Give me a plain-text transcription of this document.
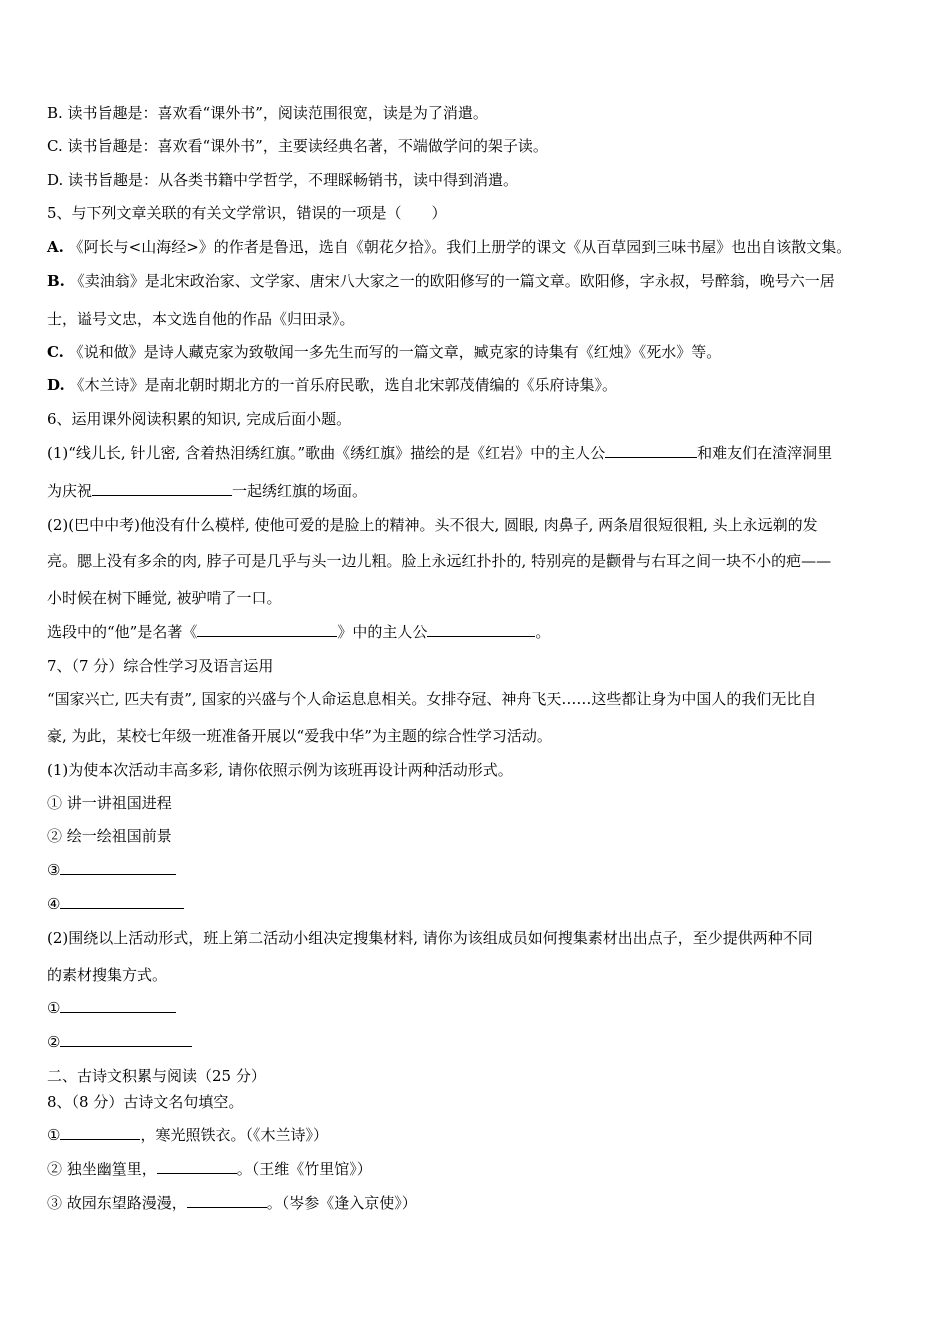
B. 读书旨趣是：喜欢看“课外书”，阅读范围很宽，读是为了消遣。
C. 读书旨趣是：喜欢看“课外书”，主要读经典名著，不端做学问的架子读。
D. 读书旨趣是：从各类书籍中学哲学，不理睬畅销书，读中得到消遣。
5、与下列文章关联的有关文学常识，错误的一项是（　　）
A. 《阿长与<山海经>》的作者是鲁迅，选自《朝花夕拾》。我们上册学的课文《从百草园到三味书屋》也出自该散文集。
B. 《卖油翁》是北宋政治家、文学家、唐宋八大家之一的欧阳修写的一篇文章。欧阳修，字永叔，号醉翁，晚号六一居
士，谥号文忠，本文选自他的作品《归田录》。
C. 《说和做》是诗人藏克家为致敬闻一多先生而写的一篇文章，臧克家的诗集有《红烛》《死水》等。
D. 《木兰诗》是南北朝时期北方的一首乐府民歌，选自北宋郭茂倩编的《乐府诗集》。
6、运用课外阅读积累的知识, 完成后面小题。
(1)“线儿长, 针儿密, 含着热泪绣红旗。”歌曲《绣红旗》描绘的是《红岩》中的主人公	和难友们在渣滓洞里
为庆祝	一起绣红旗的场面。
(2)(巴中中考)他没有什么模样, 使他可爱的是脸上的精神。头不很大, 圆眼, 肉鼻子, 两条眉很短很粗, 头上永远剃的发
亮。腮上没有多余的肉, 脖子可是几乎与头一边儿粗。脸上永远红扑扑的, 特别亮的是颧骨与右耳之间一块不小的疤——
小时候在树下睡觉, 被驴啃了一口。
选段中的“他”是名著《	》中的主人公	。
7、（7 分）综合性学习及语言运用
“国家兴亡, 匹夫有责”, 国家的兴盛与个人命运息息相关。女排夺冠、神舟飞天……这些都让身为中国人的我们无比自
豪, 为此，某校七年级一班准备开展以“爱我中华”为主题的综合性学习活动。
(1)为使本次活动丰高多彩, 请你依照示例为该班再设计两种活动形式。
① 讲一讲祖国进程
② 绘一绘祖国前景
③
④
(2)围绕以上活动形式，班上第二活动小组决定搜集材料, 请你为该组成员如何搜集素材出出点子，至少提供两种不同
的素材搜集方式。
①
②
二、古诗文积累与阅读（25 分）
8、（8 分）古诗文名句填空。
①	，寒光照铁衣。（《木兰诗》）
② 独坐幽篁里，	。（王维《竹里馆》）
③ 故园东望路漫漫，	。（岑参《逢入京使》）
